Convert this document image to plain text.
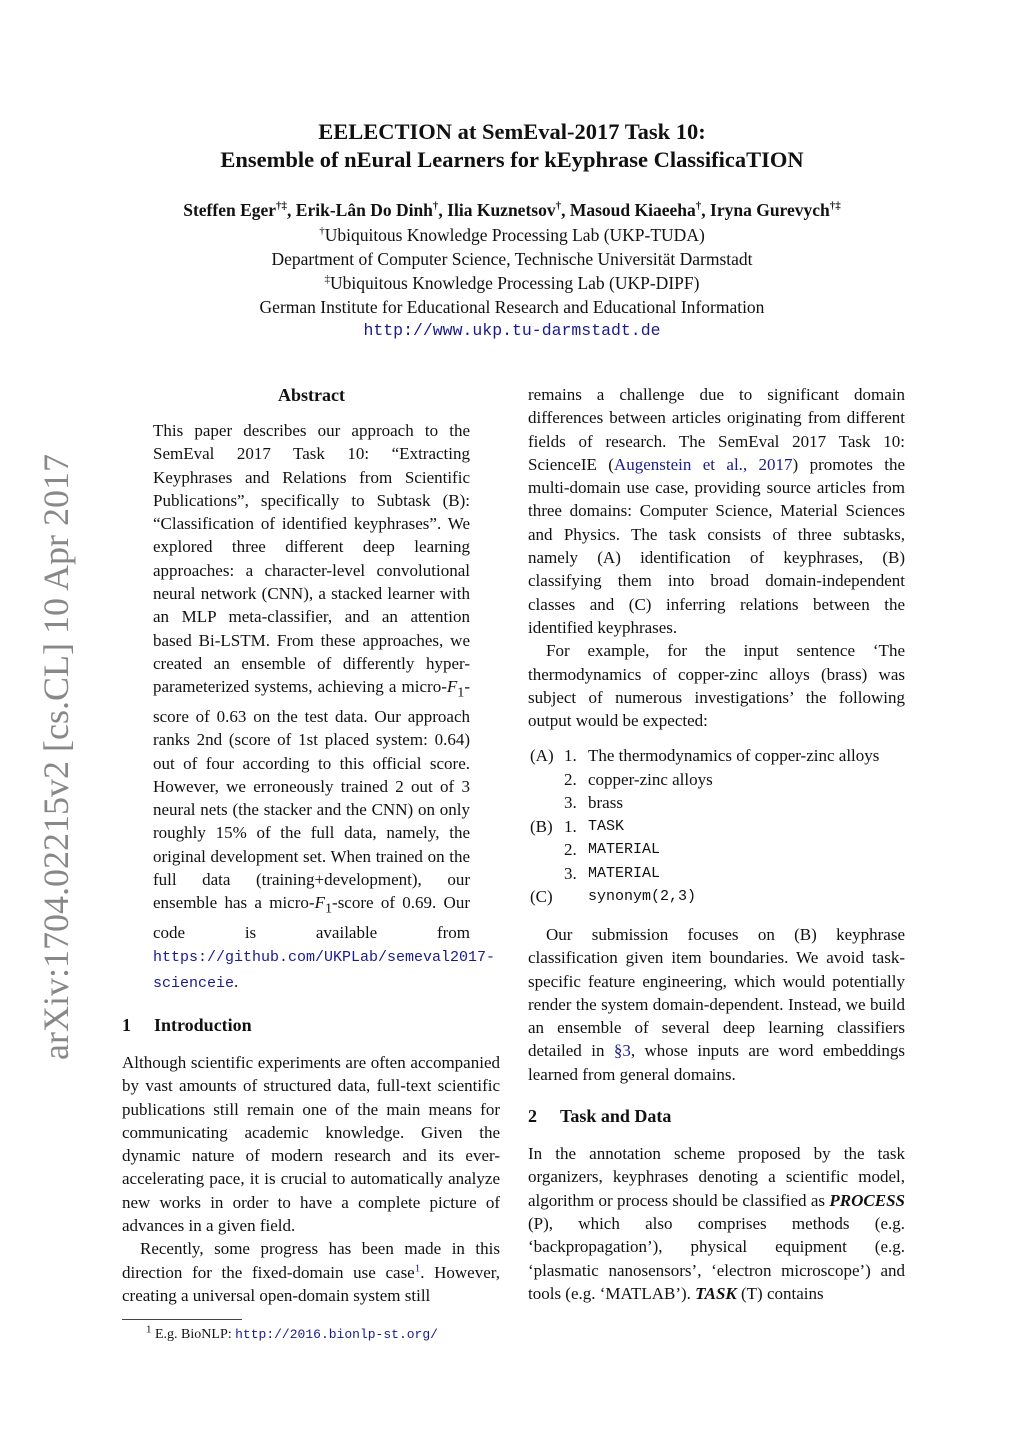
arXiv:1704.02215v2 [cs.CL] 10 Apr 2017
EELECTION at SemEval-2017 Task 10:
Ensemble of nEural Learners for kEyphrase ClassificaTION
Steffen Eger†‡, Erik-Lân Do Dinh†, Ilia Kuznetsov†, Masoud Kiaeeha†, Iryna Gurevych†‡
†Ubiquitous Knowledge Processing Lab (UKP-TUDA)
Department of Computer Science, Technische Universität Darmstadt
‡Ubiquitous Knowledge Processing Lab (UKP-DIPF)
German Institute for Educational Research and Educational Information
http://www.ukp.tu-darmstadt.de
Abstract

This paper describes our approach to the SemEval 2017 Task 10: “Extracting Keyphrases and Relations from Scientific Publications”, specifically to Subtask (B): “Classification of identified keyphrases”. We explored three different deep learning approaches: a character-level convolutional neural network (CNN), a stacked learner with an MLP meta-classifier, and an attention based Bi-LSTM. From these approaches, we created an ensemble of differently hyper-parameterized systems, achieving a micro-$F_1$-score of 0.63 on the test data. Our approach ranks 2nd (score of 1st placed system: 0.64) out of four according to this official score. However, we erroneously trained 2 out of 3 neural nets (the stacker and the CNN) on only roughly 15% of the full data, namely, the original development set. When trained on the full data (training+development), our ensemble has a micro-$F_1$-score of 0.69. Our code is available from https://github.com/UKPLab/semeval2017-scienceie.

1 Introduction

Although scientific experiments are often accompanied by vast amounts of structured data, full-text scientific publications still remain one of the main means for communicating academic knowledge. Given the dynamic nature of modern research and its ever-accelerating pace, it is crucial to automatically analyze new works in order to have a complete picture of advances in a given field.

Recently, some progress has been made in this direction for the fixed-domain use case$^1$. However, creating a universal open-domain system still

$^1$ E.g. BioNLP: http://2016.bionlp-st.org/

remains a challenge due to significant domain differences between articles originating from different fields of research. The SemEval 2017 Task 10: ScienceIE (Augenstein et al., 2017) promotes the multi-domain use case, providing source articles from three domains: Computer Science, Material Sciences and Physics. The task consists of three subtasks, namely (A) identification of keyphrases, (B) classifying them into broad domain-independent classes and (C) inferring relations between the identified keyphrases.

For example, for the input sentence ‘The thermodynamics of copper-zinc alloys (brass) was subject of numerous investigations’ the following output would be expected:

(A) 1. The thermodynamics of copper-zinc alloys
2. copper-zinc alloys
3. brass
(B) 1. TASK
2. MATERIAL
3. MATERIAL
(C)	synonym(2,3)

Our submission focuses on (B) keyphrase classification given item boundaries. We avoid task-specific feature engineering, which would potentially render the system domain-dependent. Instead, we build an ensemble of several deep learning classifiers detailed in §3, whose inputs are word embeddings learned from general domains.

2 Task and Data

In the annotation scheme proposed by the task organizers, keyphrases denoting a scientific model, algorithm or process should be classified as PROCESS (P), which also comprises methods (e.g. ‘backpropagation’), physical equipment (e.g. ‘plasmatic nanosensors’, ‘electron microscope’) and tools (e.g. ‘MATLAB’). TASK (T) contains
